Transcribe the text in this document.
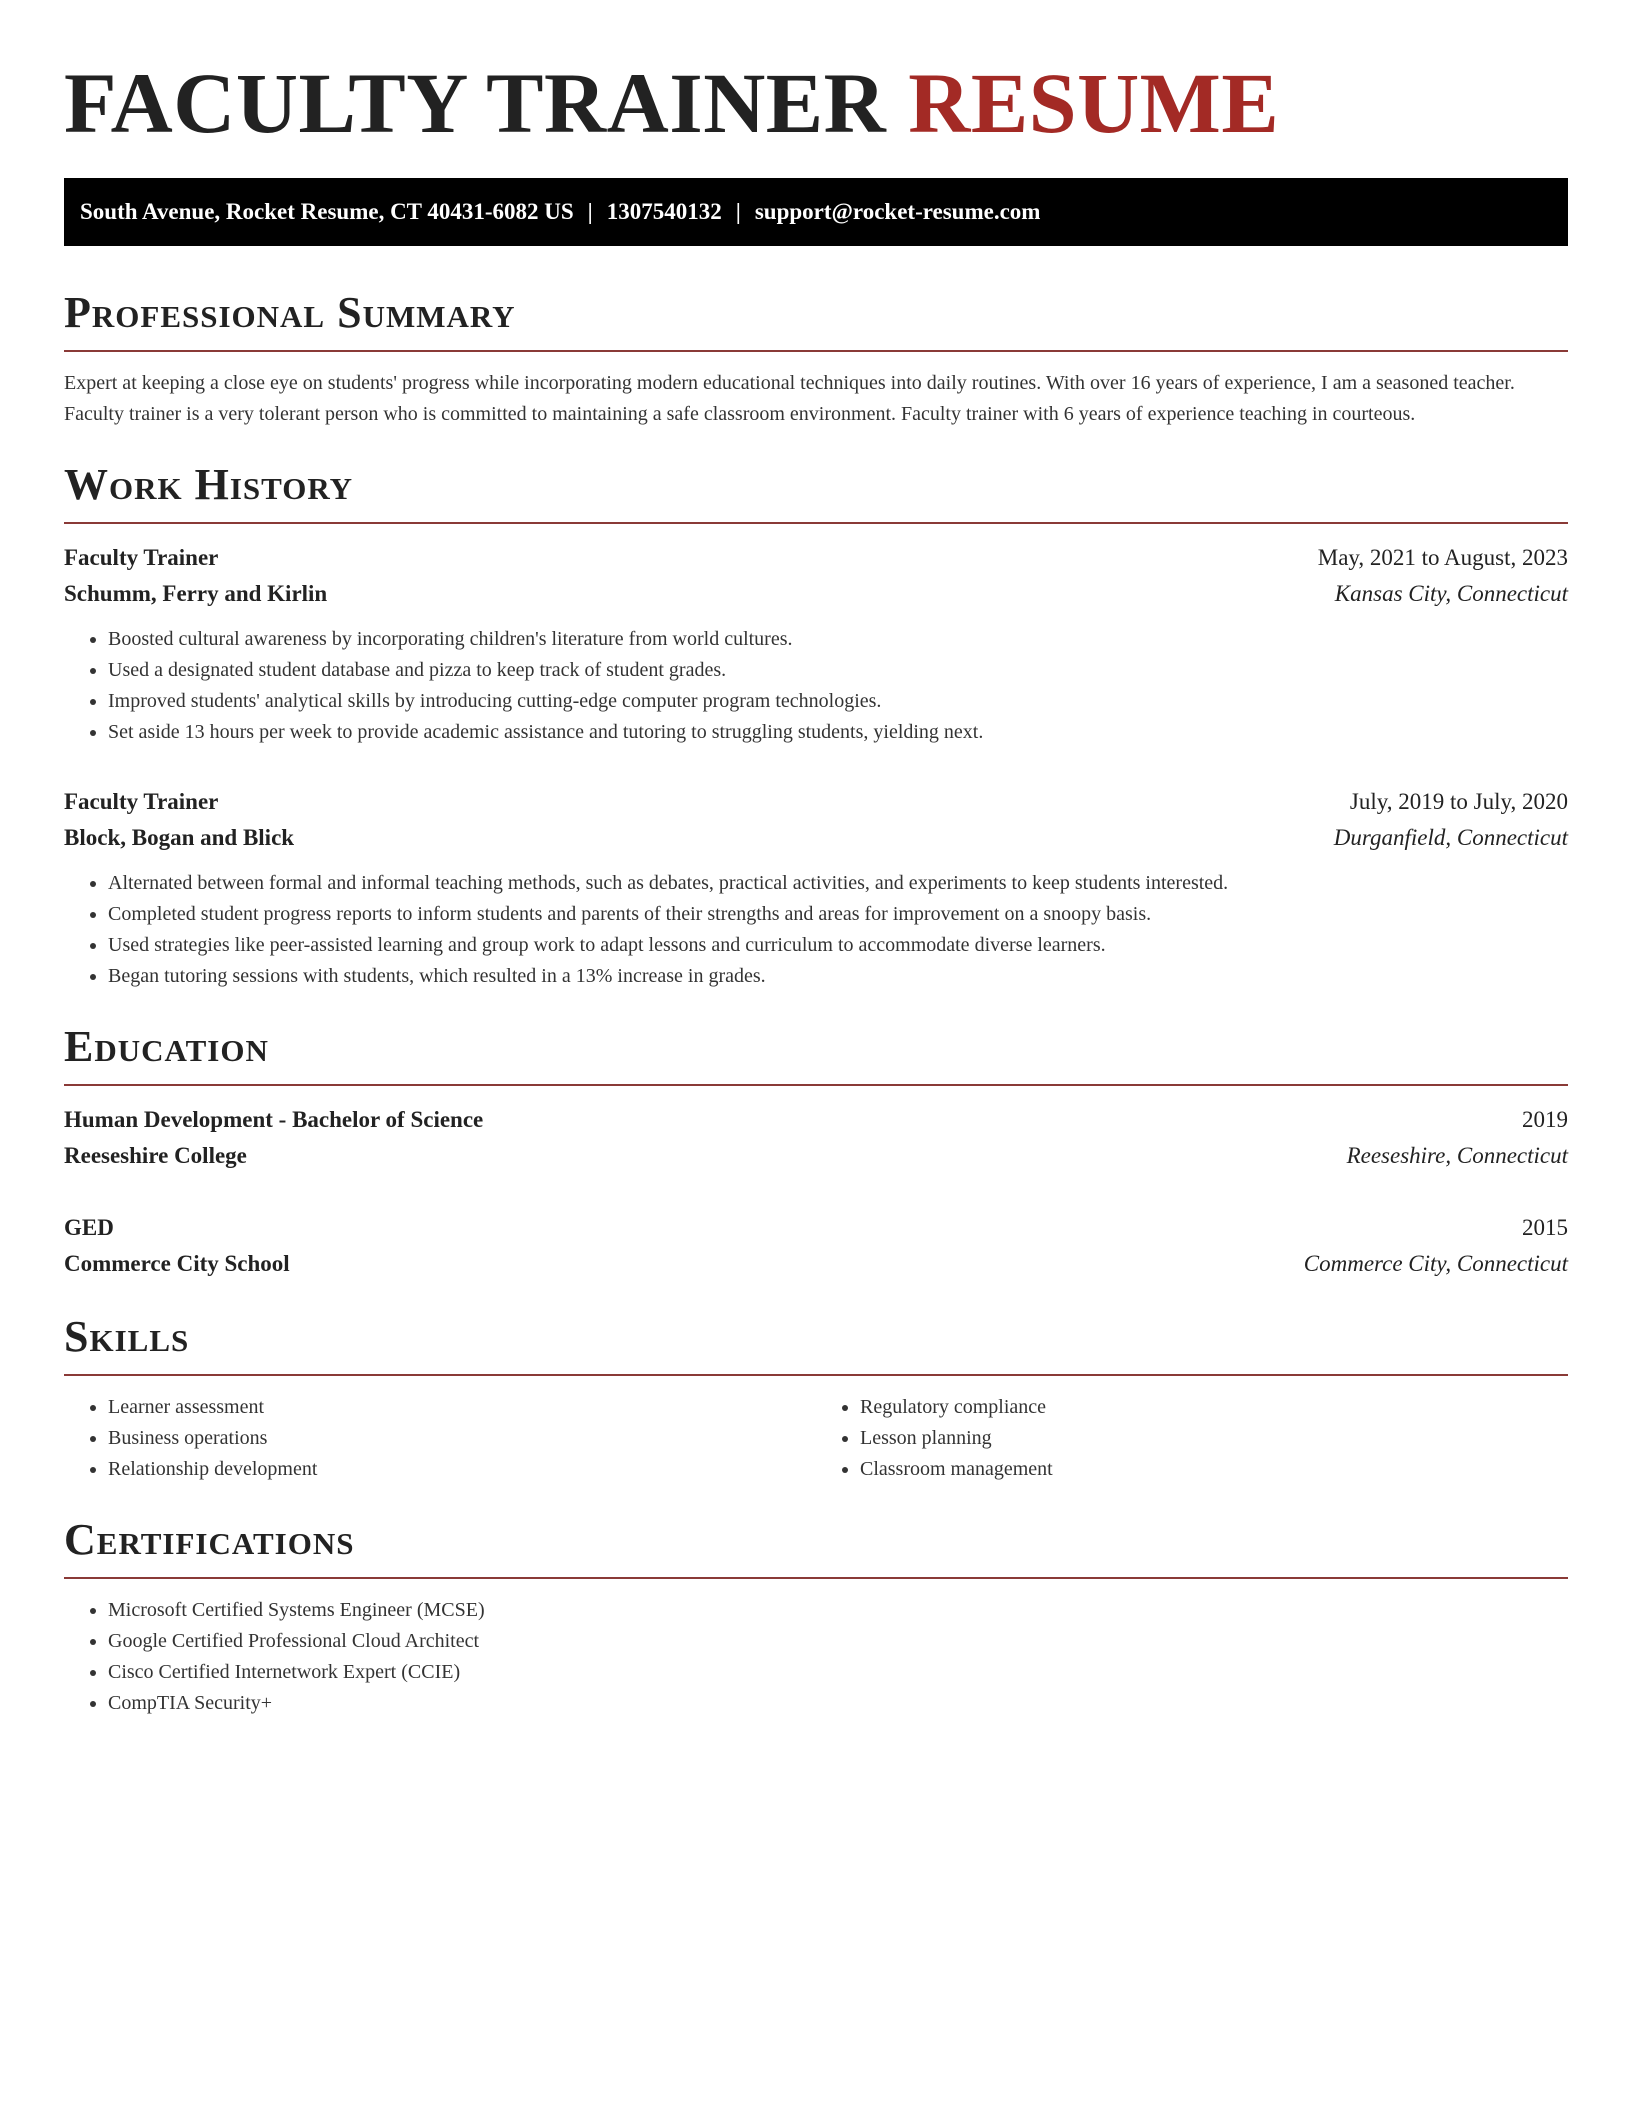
FACULTY TRAINER RESUME
South Avenue, Rocket Resume, CT 40431-6082 US | 1307540132 | support@rocket-resume.com
Professional Summary

Expert at keeping a close eye on students' progress while incorporating modern educational techniques into daily routines. With over 16 years of experience, I am a seasoned teacher. Faculty trainer is a very tolerant person who is committed to maintaining a safe classroom environment. Faculty trainer with 6 years of experience teaching in courteous.

Work History
Faculty Trainer	May, 2021 to August, 2023
Schumm, Ferry and Kirlin	Kansas City, Connecticut
• Boosted cultural awareness by incorporating children's literature from world cultures.
• Used a designated student database and pizza to keep track of student grades.
• Improved students' analytical skills by introducing cutting-edge computer program technologies.
• Set aside 13 hours per week to provide academic assistance and tutoring to struggling students, yielding next.
Faculty Trainer	July, 2019 to July, 2020
Block, Bogan and Blick	Durganfield, Connecticut
• Alternated between formal and informal teaching methods, such as debates, practical activities, and experiments to keep students interested.
• Completed student progress reports to inform students and parents of their strengths and areas for improvement on a snoopy basis.
• Used strategies like peer-assisted learning and group work to adapt lessons and curriculum to accommodate diverse learners.
• Began tutoring sessions with students, which resulted in a 13% increase in grades.
Education
Human Development - Bachelor of Science	2019
Reeseshire College	Reeseshire, Connecticut
GED	2015
Commerce City School	Commerce City, Connecticut
Skills
• Learner assessment
• Business operations
• Relationship development
• Regulatory compliance
• Lesson planning
• Classroom management
Certifications
• Microsoft Certified Systems Engineer (MCSE)
• Google Certified Professional Cloud Architect
• Cisco Certified Internetwork Expert (CCIE)
• CompTIA Security+
